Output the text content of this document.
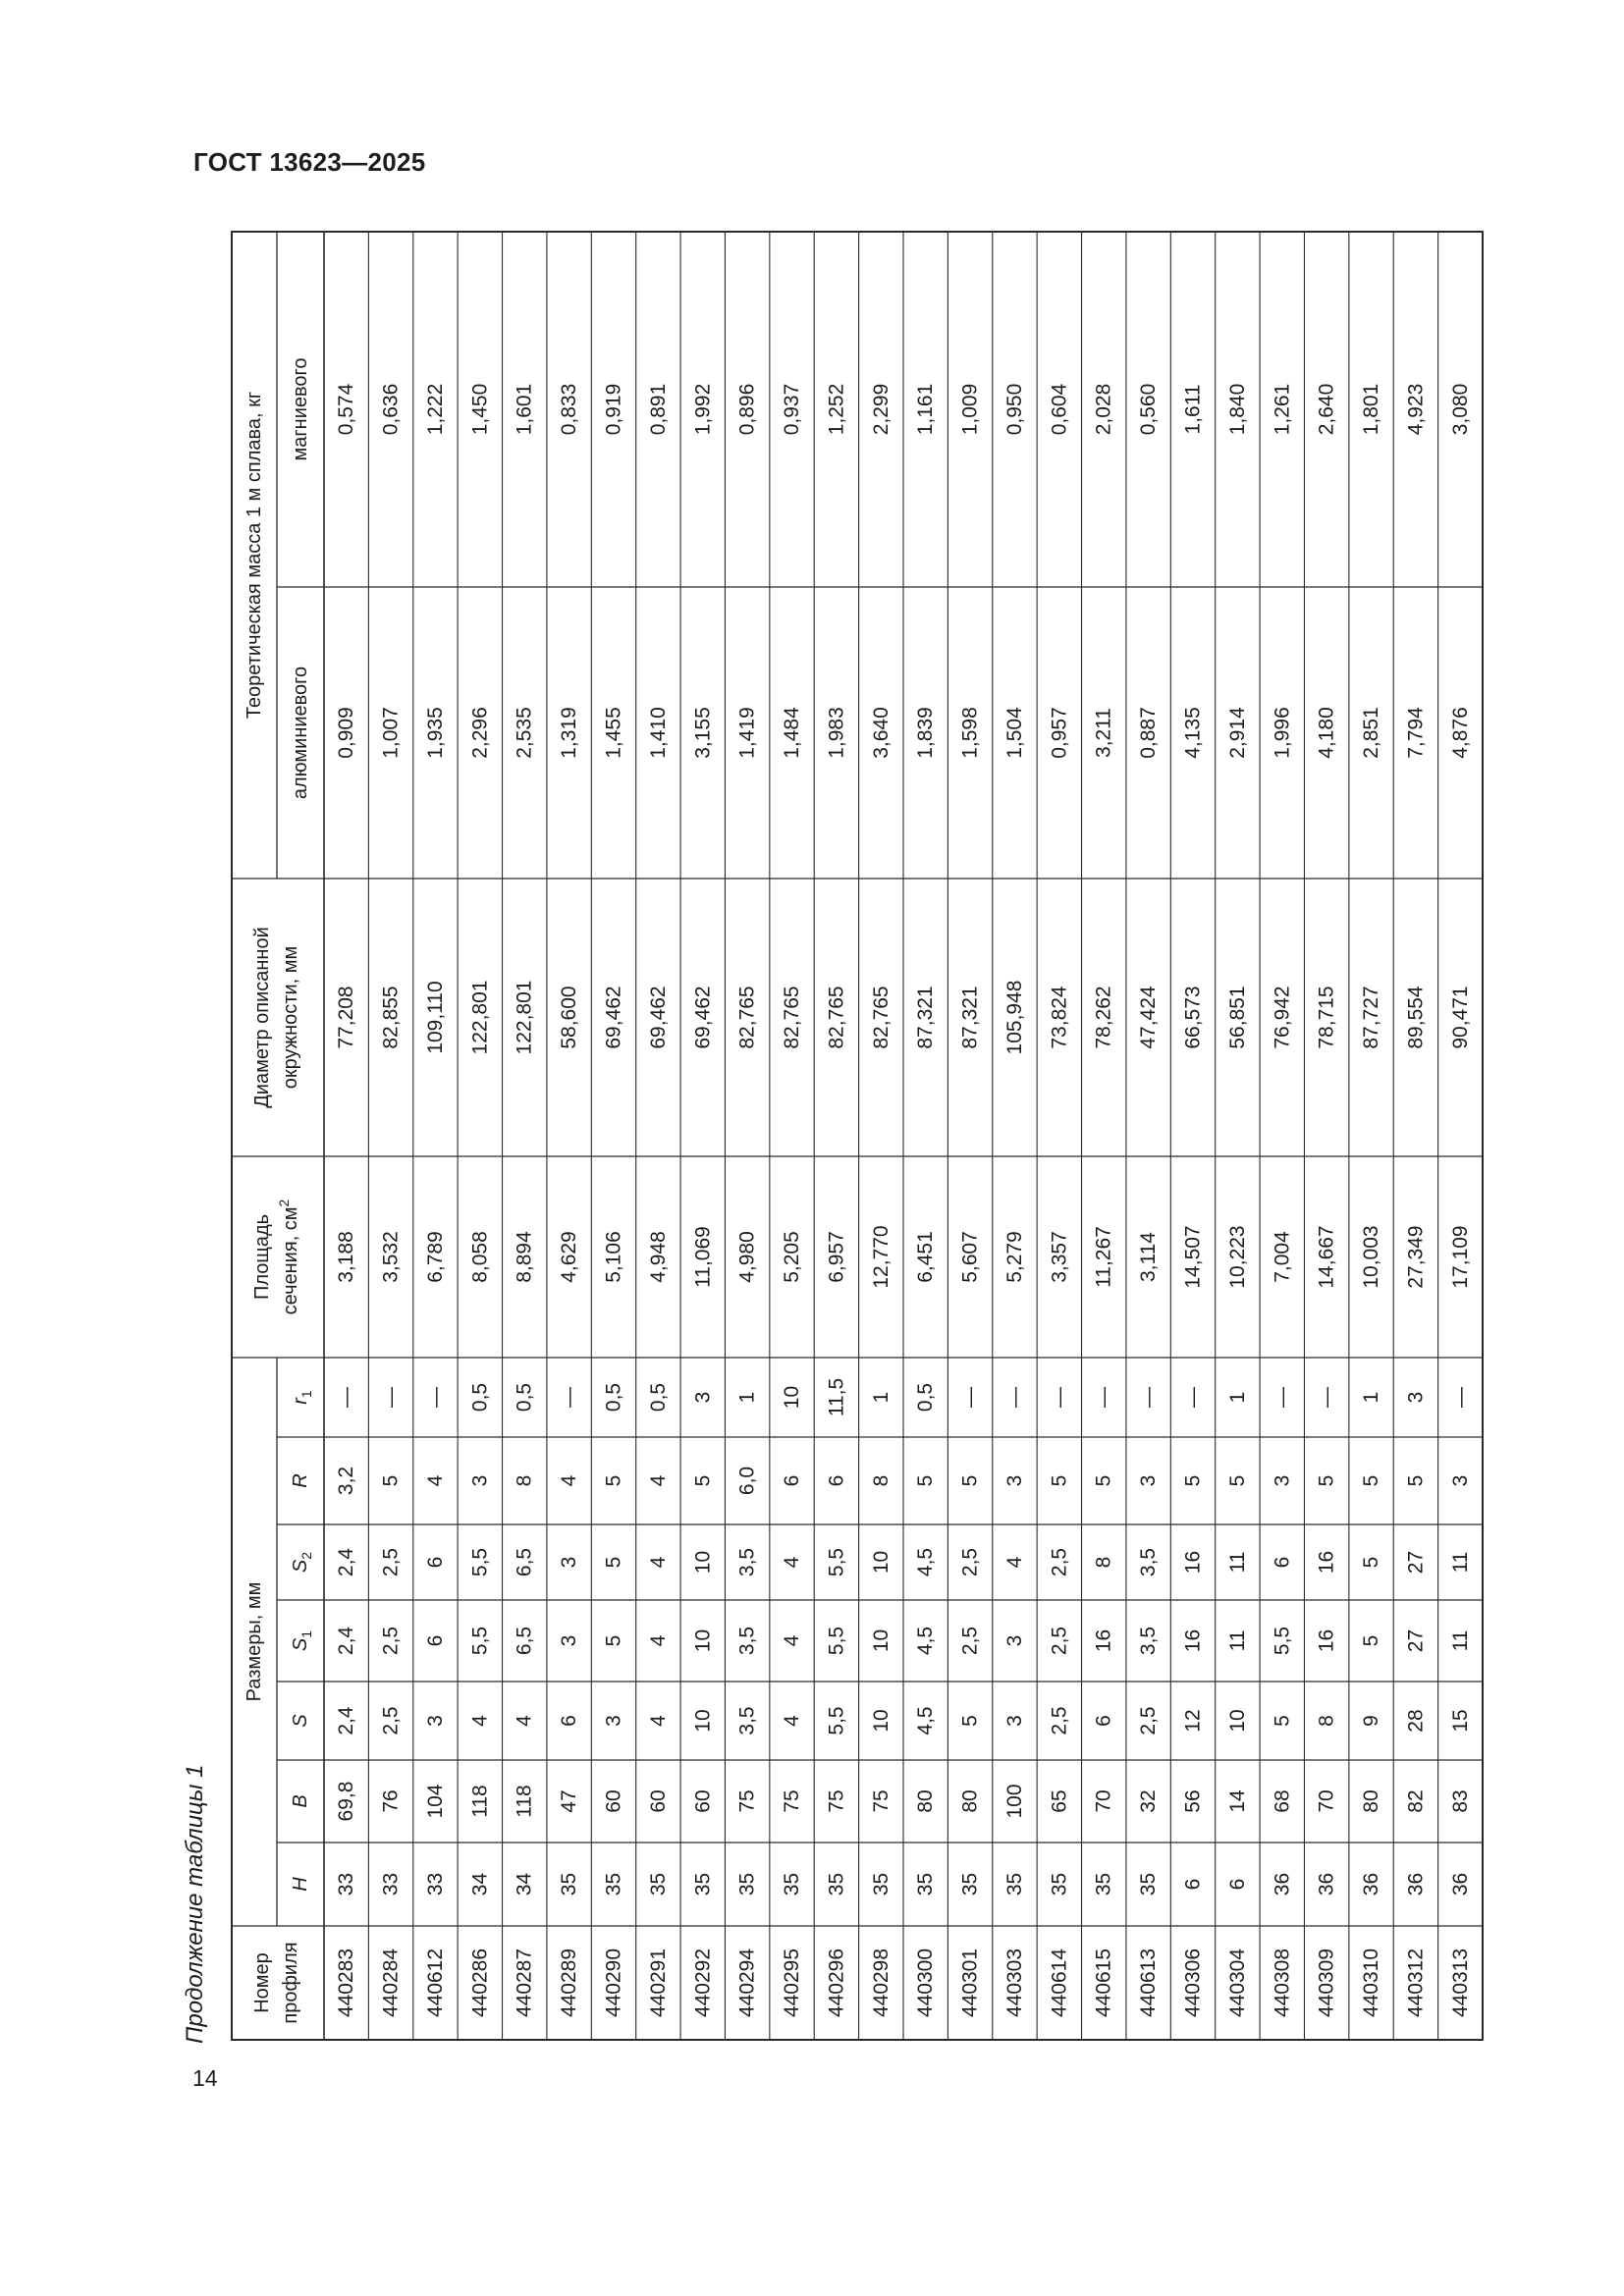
ГОСТ 13623—2025
Продолжение таблицы 1
14
Номер профиля
Размеры, мм
H
B
S
$S_1$
$S_2$
R
$r_1$
Площадь сечения, $см^2$
Диаметр описанной окружности, мм
Теоретическая масса 1 м сплава, кг
алюминиевого
магниевого
440283
33
69,8
2,4
2,4
2,4
3,2
—
3,188
77,208
0,909
0,574
440284
33
76
2,5
2,5
2,5
5
—
3,532
82,855
1,007
0,636
440612
33
104
3
6
6
4
—
6,789
109,110
1,935
1,222
440286
34
118
4
5,5
5,5
3
0,5
8,058
122,801
2,296
1,450
440287
34
118
4
6,5
6,5
8
0,5
8,894
122,801
2,535
1,601
440289
35
47
6
3
3
4
—
4,629
58,600
1,319
0,833
440290
35
60
3
5
5
5
0,5
5,106
69,462
1,455
0,919
440291
35
60
4
4
4
4
0,5
4,948
69,462
1,410
0,891
440292
35
60
10
10
10
5
3
11,069
69,462
3,155
1,992
440294
35
75
3,5
3,5
3,5
6,0
1
4,980
82,765
1,419
0,896
440295
35
75
4
4
4
6
10
5,205
82,765
1,484
0,937
440296
35
75
5,5
5,5
5,5
6
11,5
6,957
82,765
1,983
1,252
440298
35
75
10
10
10
8
1
12,770
82,765
3,640
2,299
440300
35
80
4,5
4,5
4,5
5
0,5
6,451
87,321
1,839
1,161
440301
35
80
5
2,5
2,5
5
—
5,607
87,321
1,598
1,009
440303
35
100
3
3
4
3
—
5,279
105,948
1,504
0,950
440614
35
65
2,5
2,5
2,5
5
—
3,357
73,824
0,957
0,604
440615
35
70
6
16
8
5
—
11,267
78,262
3,211
2,028
440613
35
32
2,5
3,5
3,5
3
—
3,114
47,424
0,887
0,560
440306
6
56
12
16
16
5
—
14,507
66,573
4,135
1,611
440304
6
14
10
11
11
5
1
10,223
56,851
2,914
1,840
440308
36
68
5
5,5
6
3
—
7,004
76,942
1,996
1,261
440309
36
70
8
16
16
5
—
14,667
78,715
4,180
2,640
440310
36
80
9
5
5
5
1
10,003
87,727
2,851
1,801
440312
36
82
28
27
27
5
3
27,349
89,554
7,794
4,923
440313
36
83
15
11
11
3
—
17,109
90,471
4,876
3,080
